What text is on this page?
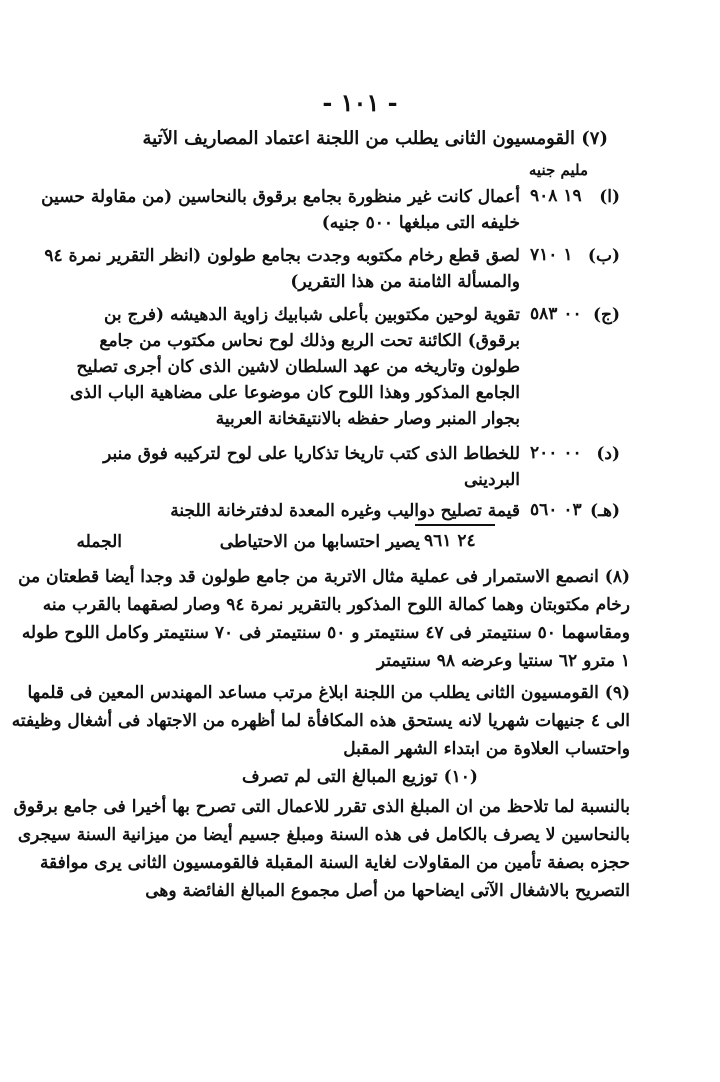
- ١٠١ -
(٧) القومسيون الثانى يطلب من اللجنة اعتماد المصاريف الآتية
مليم جنيه
(ا)
١٩ ٩٠٨
أعمال كانت غير منظورة بجامع برقوق بالنحاسين (من مقاولة حسين
خليفه التى مبلغها ٥٠٠ جنيه)
(ب)
١ ٧١٠
لصق قطع رخام مكتوبه وجدت بجامع طولون (انظر التقرير نمرة ٩٤
والمسألة الثامنة من هذا التقرير)
(ج)
٠٠ ٥٨٣
تقوية لوحين مكتوبين بأعلى شبابيك زاوية الدهيشه (فرج بن
برقوق) الكائنة تحت الربع وذلك لوح نحاس مكتوب من جامع
طولون وتاريخه من عهد السلطان لاشين الذى كان أجرى تصليح
الجامع المذكور وهذا اللوح كان موضوعا على مضاهية الباب الذى
بجوار المنبر وصار حفظه بالانتيقخانة العربية
(د)
٠٠ ٢٠٠
للخطاط الذى كتب تاريخا تذكاريا على لوح لتركيبه فوق منبر
البردينى
(هـ)
٠٣ ٥٦٠
قيمة تصليح دواليب وغيره المعدة لدفترخانة اللجنة
الجمله	٢٤ ٩٦١
يصير احتسابها من الاحتياطى
(٨) انصمع الاستمرار فى عملية مثال الاتربة من جامع طولون قد وجدا أيضا قطعتان من
رخام مكتوبتان وهما كمالة اللوح المذكور بالتقرير نمرة ٩٤ وصار لصقهما بالقرب منه
ومقاسهما ٥٠ سنتيمتر فى ٤٧ سنتيمتر و ٥٠ سنتيمتر فى ٧٠ سنتيمتر وكامل اللوح طوله
١ مترو ٦٢ سنتيا وعرضه ٩٨ سنتيمتر
(٩) القومسيون الثانى يطلب من اللجنة ابلاغ مرتب مساعد المهندس المعين فى قلمها
الى ٤ جنيهات شهريا لانه يستحق هذه المكافأة لما أظهره من الاجتهاد فى أشغال وظيفته
واحتساب العلاوة من ابتداء الشهر المقبل
(١٠) توزيع المبالغ التى لم تصرف
بالنسبة لما تلاحظ من ان المبلغ الذى تقرر للاعمال التى تصرح بها أخيرا فى جامع برقوق
بالنحاسين لا يصرف بالكامل فى هذه السنة ومبلغ جسيم أيضا من ميزانية السنة سيجرى
حجزه بصفة تأمين من المقاولات لغاية السنة المقبلة فالقومسيون الثانى يرى موافقة
التصريح بالاشغال الآتى ايضاحها من أصل مجموع المبالغ الفائضة وهى
